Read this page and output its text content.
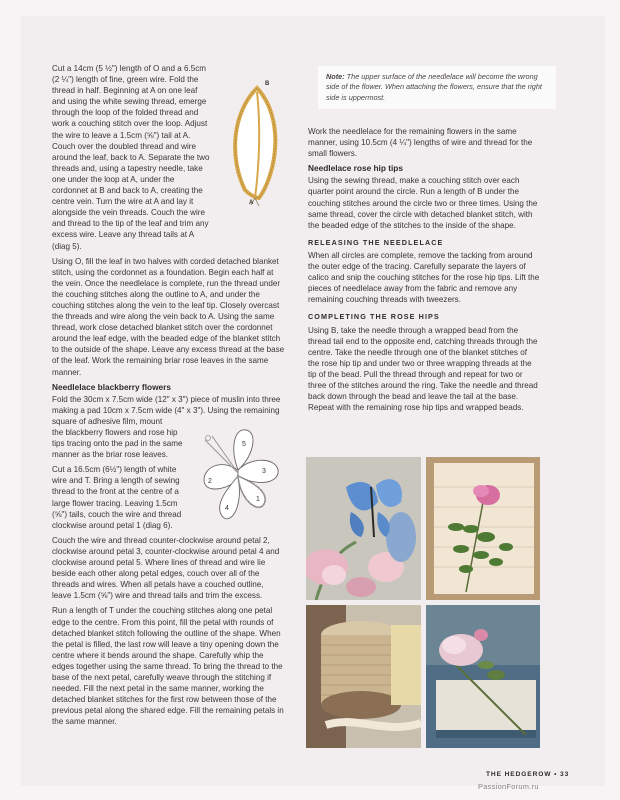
Cut a 14cm (5 ½") length of O and a 6.5cm (2 ¼") length of fine, green wire. Fold the thread in half. Beginning at A on one leaf and using the white sewing thread, emerge through the loop of the folded thread and work a couching stitch over the loop. Adjust the wire to leave a 1.5cm (⅝") tail at A. Couch over the doubled thread and wire around the leaf, back to A. Separate the two threads and, using a tapestry needle, take one under the loop at A, under the cordonnet at B and back to A, creating the centre vein. Turn the wire at A and lay it alongside the vein threads. Couch the wire and thread to the tip of the leaf and trim any excess wire. Leave any thread tails at A (diag 5).

Using O, fill the leaf in two halves with corded detached blanket stitch, using the cordonnet as a foundation. Begin each half at the vein. Once the needlelace is complete, run the thread under the couching stitches along the outline to A, and under the couching stitches along the vein to the leaf tip. Closely overcast the threads and wire along the vein back to A. Using the same thread, work close detached blanket stitch over the cordonnet around the leaf edge, with the beaded edge of the blanket stitch to the outside of the shape. Leave any excess thread at the base of the leaf. Work the remaining briar rose leaves in the same manner.

Needlelace blackberry flowers

Fold the 30cm x 7.5cm wide (12" x 3") piece of muslin into three making a pad 10cm x 7.5cm wide (4" x 3"). Using the remaining square of adhesive film, mount

the blackberry flowers and rose hip tips tracing onto the pad in the same manner as the briar rose leaves.

Cut a 16.5cm (6½") length of white wire and T. Bring a length of sewing thread to the front at the centre of a large flower tracing. Leaving 1.5cm (⅝") tails, couch the wire and thread clockwise around petal 1 (diag 6).

Couch the wire and thread counter-clockwise around petal 2, clockwise around petal 3, counter-clockwise around petal 4 and clockwise around petal 5. Where lines of thread and wire lie beside each other along petal edges, couch over all of the threads and wires. When all petals have a couched outline, leave 1.5cm (⅝") wire and thread tails and trim the excess.

Run a length of T under the couching stitches along one petal edge to the centre. From this point, fill the petal with rounds of detached blanket stitch following the outline of the shape. When the petal is filled, the last row will leave a tiny opening down the centre where it bends around the shape. Carefully whip the edges together using the same thread. To bring the thread to the base of the next petal, carefully weave through the stitching if needed. Fill the next petal in the same manner, working the detached blanket stitches for the first row between those of the previous petal along the shared edge. Fill the remaining petals in the same manner.

B
A
2
5
3
4
1
Note: The upper surface of the needlelace will become the wrong side of the flower. When attaching the flowers, ensure that the right side is uppermost.

Work the needlelace for the remaining flowers in the same manner, using 10.5cm (4 ¼") lengths of wire and thread for the small flowers.

Needlelace rose hip tips

Using the sewing thread, make a couching stitch over each quarter point around the circle. Run a length of B under the couching stitches around the circle two or three times. Using the same thread, cover the circle with detached blanket stitch, with the beaded edge of the stitches to the inside of the shape.

RELEASING THE NEEDLELACE

When all circles are complete, remove the tacking from around the outer edge of the tracing. Carefully separate the layers of calico and snip the couching stitches for the rose hip tips. Lift the pieces of needlelace away from the fabric and remove any remaining couching threads with tweezers.

COMPLETING THE ROSE HIPS

Using B, take the needle through a wrapped bead from the thread tail end to the opposite end, catching threads through the centre. Take the needle through one of the blanket stitches of the rose hip tip and under two or three wrapping threads at the tip of the bead. Pull the thread through and repeat for two or three of the stitches around the ring. Take the needle and thread back down through the bead and leave the tail at the base. Repeat with the remaining rose hip tips and wrapped beads.

THE HEDGEROW • 33
PassionForum.ru
